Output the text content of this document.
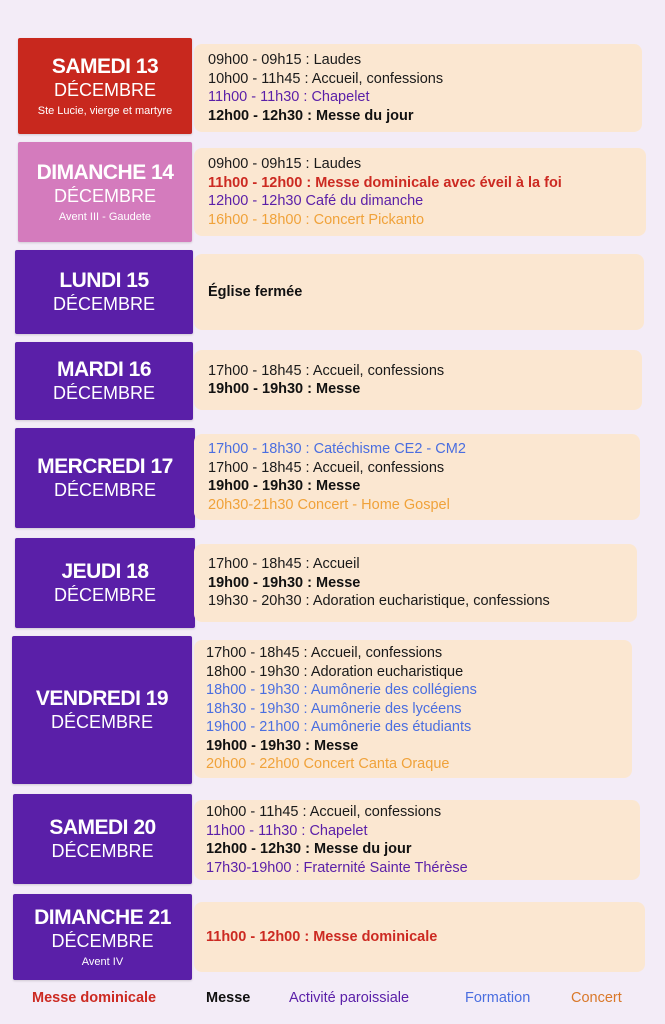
SAMEDI 13
DÉCEMBRE
Ste Lucie, vierge et martyre
09h00 - 09h15 : Laudes
10h00 - 11h45 : Accueil, confessions
11h00 - 11h30 : Chapelet
12h00 - 12h30 : Messe du jour
DIMANCHE 14
DÉCEMBRE
Avent III - Gaudete
09h00 - 09h15 : Laudes
11h00 - 12h00 : Messe dominicale avec éveil à la foi
12h00 - 12h30 Café du dimanche
16h00 - 18h00 : Concert Pickanto
LUNDI 15
DÉCEMBRE
Église fermée
MARDI 16
DÉCEMBRE
17h00 - 18h45 : Accueil, confessions
19h00 - 19h30 : Messe
MERCREDI 17
DÉCEMBRE
17h00 - 18h30 : Catéchisme CE2 - CM2
17h00 - 18h45 : Accueil, confessions
19h00 - 19h30 : Messe
20h30-21h30 Concert - Home Gospel
JEUDI 18
DÉCEMBRE
17h00 - 18h45 : Accueil
19h00 - 19h30 : Messe
19h30 - 20h30 : Adoration eucharistique, confessions
VENDREDI 19
DÉCEMBRE
17h00 - 18h45 : Accueil, confessions
18h00 - 19h30 : Adoration eucharistique
18h00 - 19h30 : Aumônerie des collégiens
18h30 - 19h30 : Aumônerie des lycéens
19h00 - 21h00 : Aumônerie des étudiants
19h00 - 19h30 : Messe
20h00 - 22h00 Concert Canta Oraque
SAMEDI 20
DÉCEMBRE
10h00 - 11h45 : Accueil, confessions
11h00 - 11h30 : Chapelet
12h00 - 12h30 : Messe du jour
17h30-19h00 : Fraternité Sainte Thérèse
DIMANCHE 21
DÉCEMBRE
Avent IV
11h00 - 12h00 : Messe dominicale
Messe dominicale	Messe	Activité paroissiale	Formation	Concert
